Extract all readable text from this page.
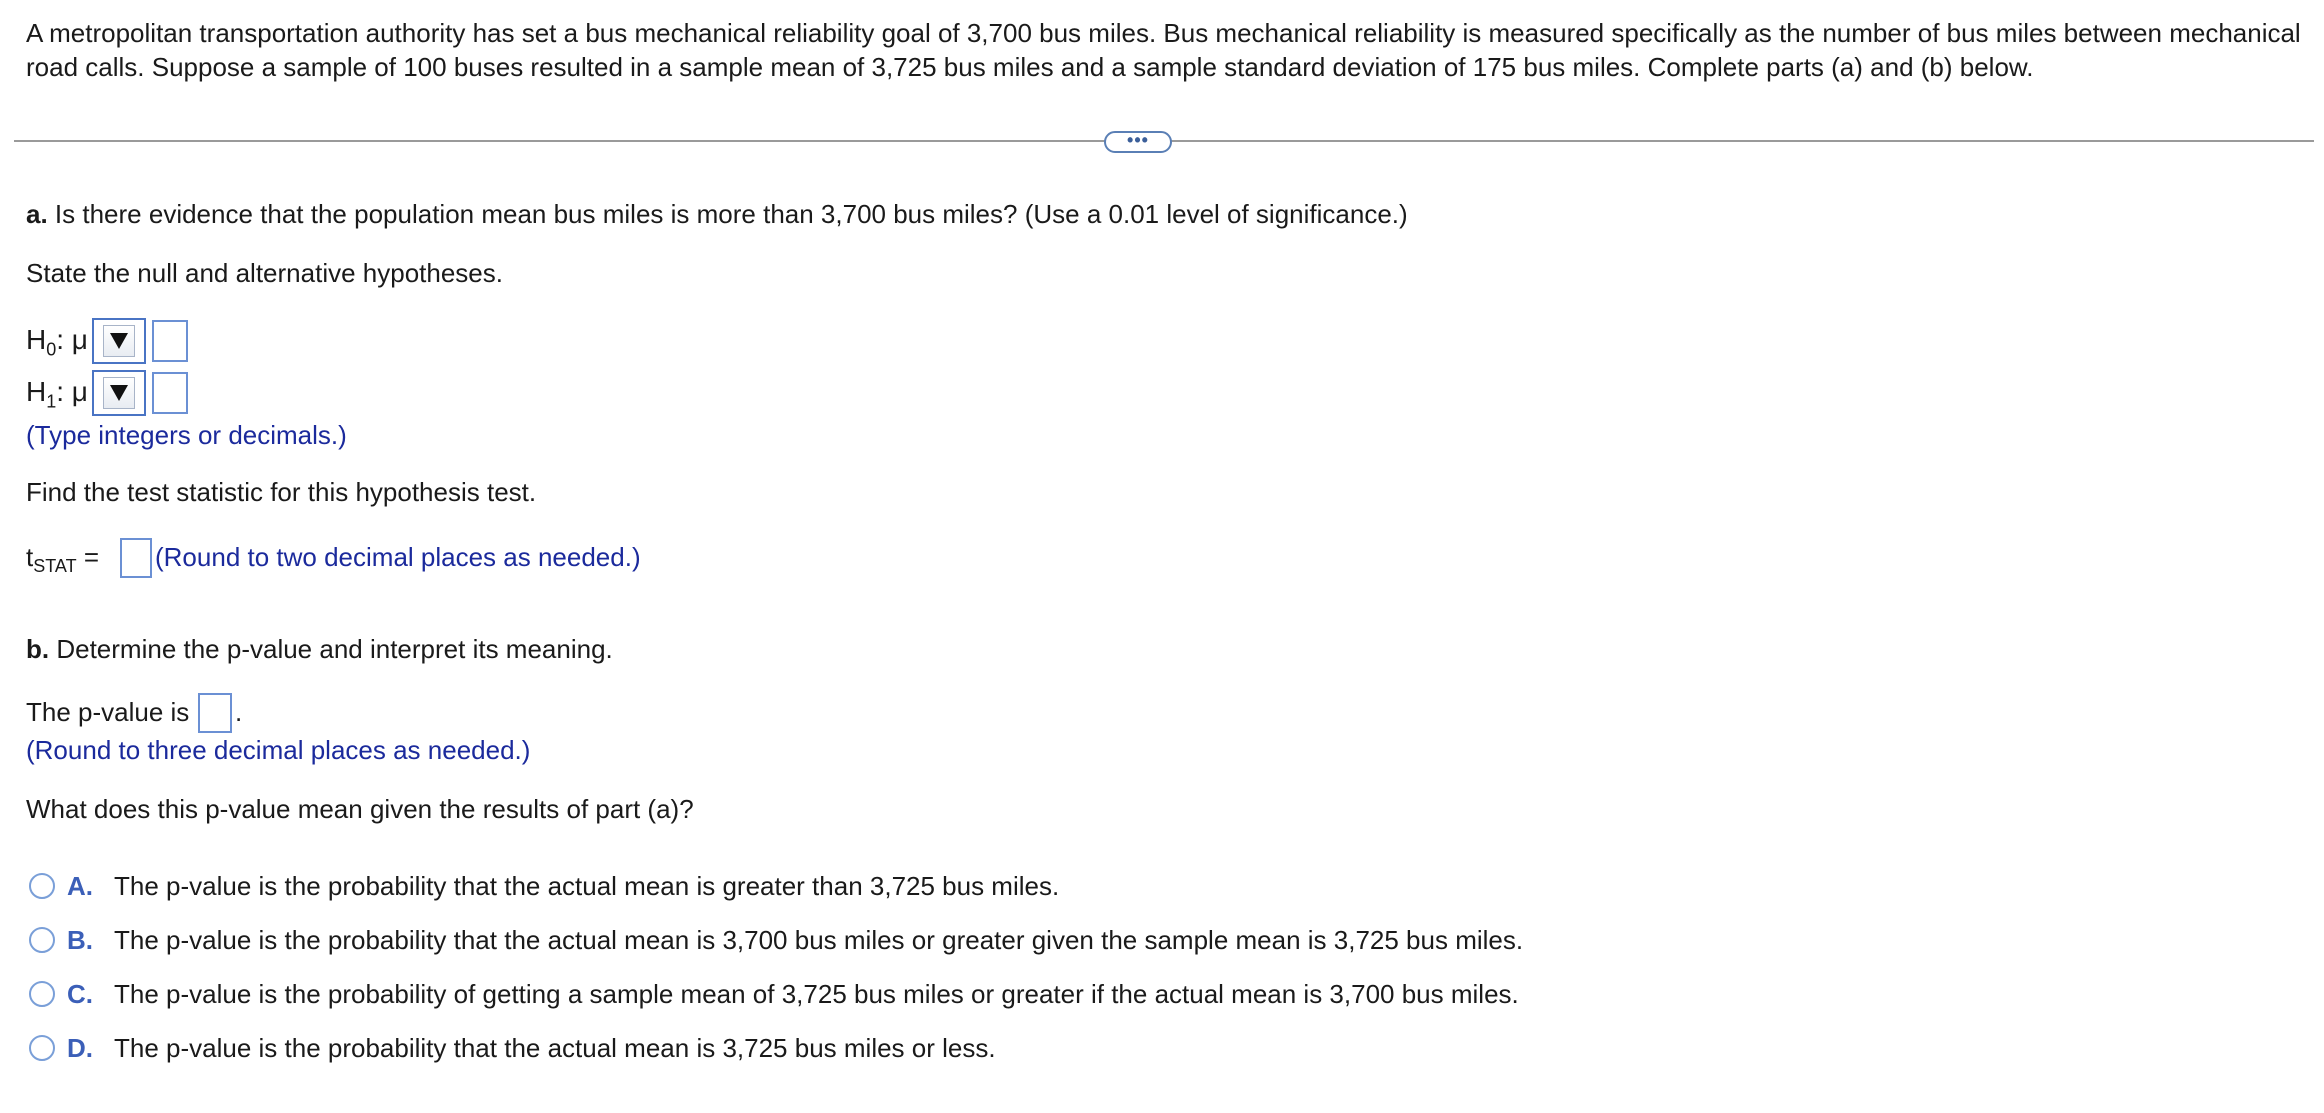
A metropolitan transportation authority has set a bus mechanical reliability goal of 3,700 bus miles. Bus mechanical reliability is measured specifically as the number of bus miles between mechanical road calls. Suppose a sample of 100 buses resulted in a sample mean of 3,725 bus miles and a sample standard deviation of 175 bus miles. Complete parts (a) and (b) below.
•••
a. Is there evidence that the population mean bus miles is more than 3,700 bus miles? (Use a 0.01 level of significance.)
State the null and alternative hypotheses.
$H_0$: μ
$H_1$: μ
(Type integers or decimals.)
Find the test statistic for this hypothesis test.
$t_{STAT}$ = (Round to two decimal places as needed.)
b. Determine the p-value and interpret its meaning.
The p-value is .
(Round to three decimal places as needed.)
What does this p-value mean given the results of part (a)?
A. The p-value is the probability that the actual mean is greater than 3,725 bus miles.
B. The p-value is the probability that the actual mean is 3,700 bus miles or greater given the sample mean is 3,725 bus miles.
C. The p-value is the probability of getting a sample mean of 3,725 bus miles or greater if the actual mean is 3,700 bus miles.
D. The p-value is the probability that the actual mean is 3,725 bus miles or less.
